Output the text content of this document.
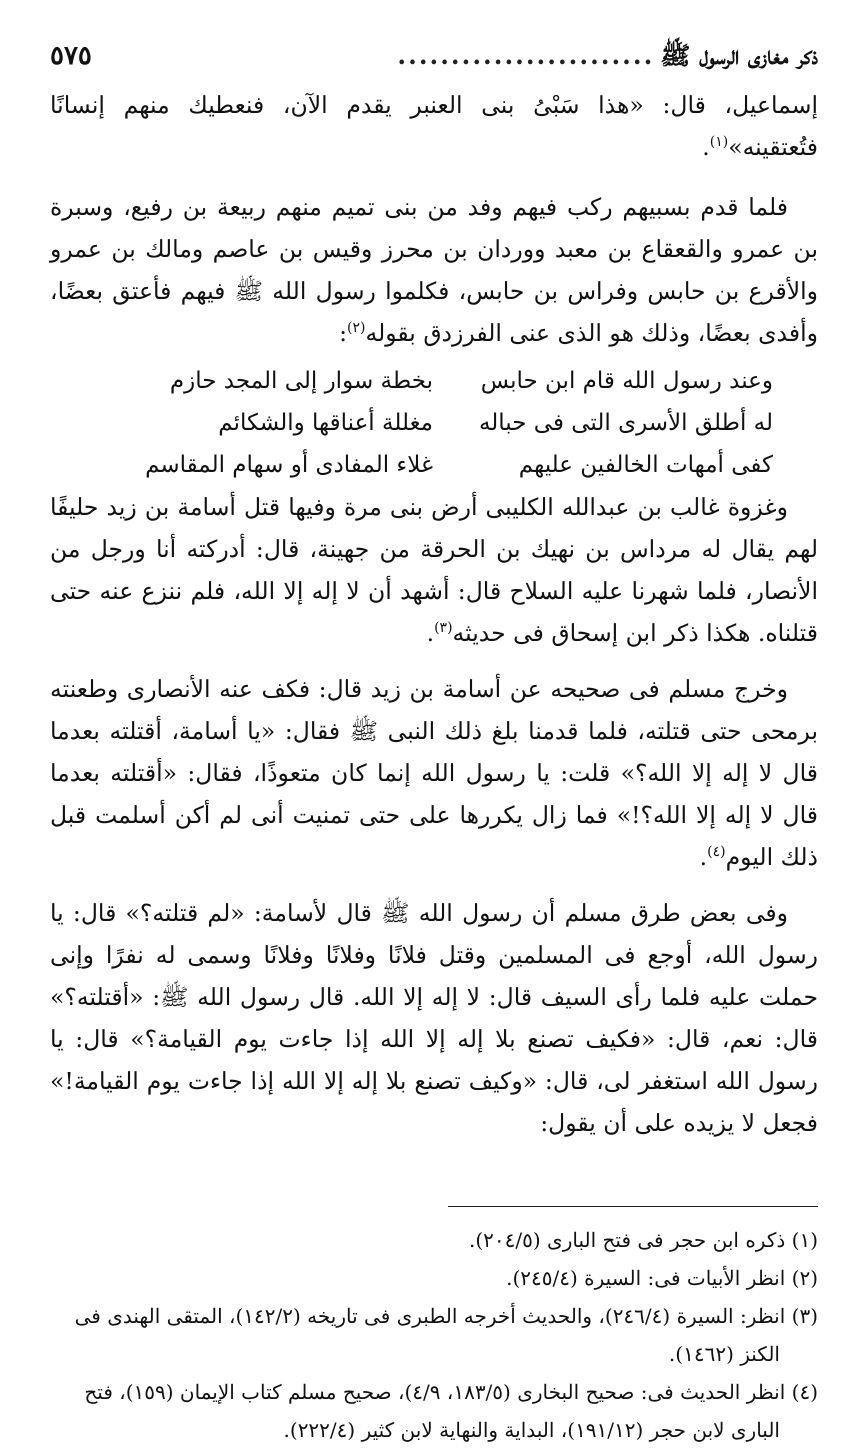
ذكر مغازى الرسول ﷺ
........................
٥٧٥

إسماعيل، قال: «هذا سَبْىُ بنى العنبر يقدم الآن، فنعطيك منهم إنسانًا فتُعتقينه»$^{(١)}$.

فلما قدم بسبيهم ركب فيهم وفد من بنى تميم منهم ربيعة بن رفيع، وسبرة بن عمرو والقعقاع بن معبد ووردان بن محرز وقيس بن عاصم ومالك بن عمرو والأقرع بن حابس وفراس بن حابس، فكلموا رسول الله ﷺ فيهم فأعتق بعضًا، وأفدى بعضًا، وذلك هو الذى عنى الفرزدق بقوله$^{(٢)}$:

وعند رسول الله قام ابن حابس
بخطة سوار إلى المجد حازم
له أطلق الأسرى التى فى حباله
مغللة أعناقها والشكائم
كفى أمهات الخالفين عليهم
غلاء المفادى أو سهام المقاسم

وغزوة غالب بن عبدالله الكليبى أرض بنى مرة وفيها قتل أسامة بن زيد حليفًا لهم يقال له مرداس بن نهيك بن الحرقة من جهينة، قال: أدركته أنا ورجل من الأنصار، فلما شهرنا عليه السلاح قال: أشهد أن لا إله إلا الله، فلم ننزع عنه حتى قتلناه. هكذا ذكر ابن إسحاق فى حديثه$^{(٣)}$.

وخرج مسلم فى صحيحه عن أسامة بن زيد قال: فكف عنه الأنصارى وطعنته برمحى حتى قتلته، فلما قدمنا بلغ ذلك النبى ﷺ فقال: «يا أسامة، أقتلته بعدما قال لا إله إلا الله؟» قلت: يا رسول الله إنما كان متعوذًا، فقال: «أقتلته بعدما قال لا إله إلا الله؟!» فما زال يكررها على حتى تمنيت أنى لم أكن أسلمت قبل ذلك اليوم$^{(٤)}$.

وفى بعض طرق مسلم أن رسول الله ﷺ قال لأسامة: «لم قتلته؟» قال: يا رسول الله، أوجع فى المسلمين وقتل فلانًا وفلانًا وفلانًا وسمى له نفرًا وإنى حملت عليه فلما رأى السيف قال: لا إله إلا الله. قال رسول الله ﷺ: «أقتلته؟» قال: نعم، قال: «فكيف تصنع بلا إله إلا الله إذا جاءت يوم القيامة؟» قال: يا رسول الله استغفر لى، قال: «وكيف تصنع بلا إله إلا الله إذا جاءت يوم القيامة!» فجعل لا يزيده على أن يقول:

(١) ذكره ابن حجر فى فتح البارى (٢٠٤/٥).

(٢) انظر الأبيات فى: السيرة (٢٤٥/٤).

(٣) انظر: السيرة (٢٤٦/٤)، والحديث أخرجه الطبرى فى تاريخه (١٤٢/٢)، المتقى الهندى فى الكنز (١٤٦٢).

(٤) انظر الحديث فى: صحيح البخارى (١٨٣/٥، ٤/٩)، صحيح مسلم كتاب الإيمان (١٥٩)، فتح البارى لابن حجر (١٩١/١٢)، البداية والنهاية لابن كثير (٢٢٢/٤).
